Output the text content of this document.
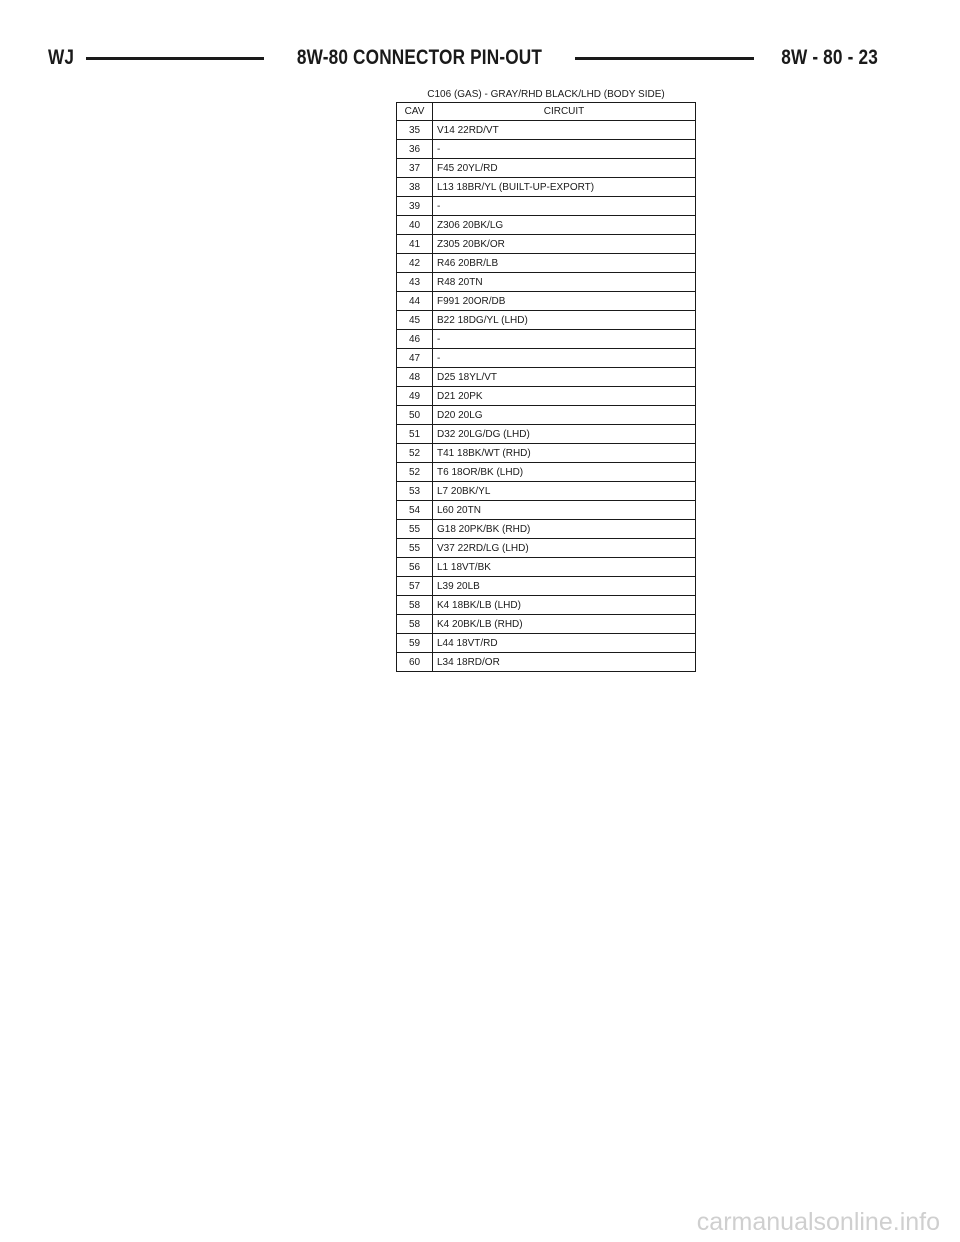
WJ	8W-80 CONNECTOR PIN-OUT	8W - 80 - 23
C106 (GAS) - GRAY/RHD BLACK/LHD (BODY SIDE)
CAV	CIRCUIT
35	V14 22RD/VT
36	-
37	F45 20YL/RD
38	L13 18BR/YL (BUILT-UP-EXPORT)
39	-
40	Z306 20BK/LG
41	Z305 20BK/OR
42	R46 20BR/LB
43	R48 20TN
44	F991 20OR/DB
45	B22 18DG/YL (LHD)
46	-
47	-
48	D25 18YL/VT
49	D21 20PK
50	D20 20LG
51	D32 20LG/DG (LHD)
52	T41 18BK/WT (RHD)
52	T6 18OR/BK (LHD)
53	L7 20BK/YL
54	L60 20TN
55	G18 20PK/BK (RHD)
55	V37 22RD/LG (LHD)
56	L1 18VT/BK
57	L39 20LB
58	K4 18BK/LB (LHD)
58	K4 20BK/LB (RHD)
59	L44 18VT/RD
60	L34 18RD/OR
carmanualsonline.info
